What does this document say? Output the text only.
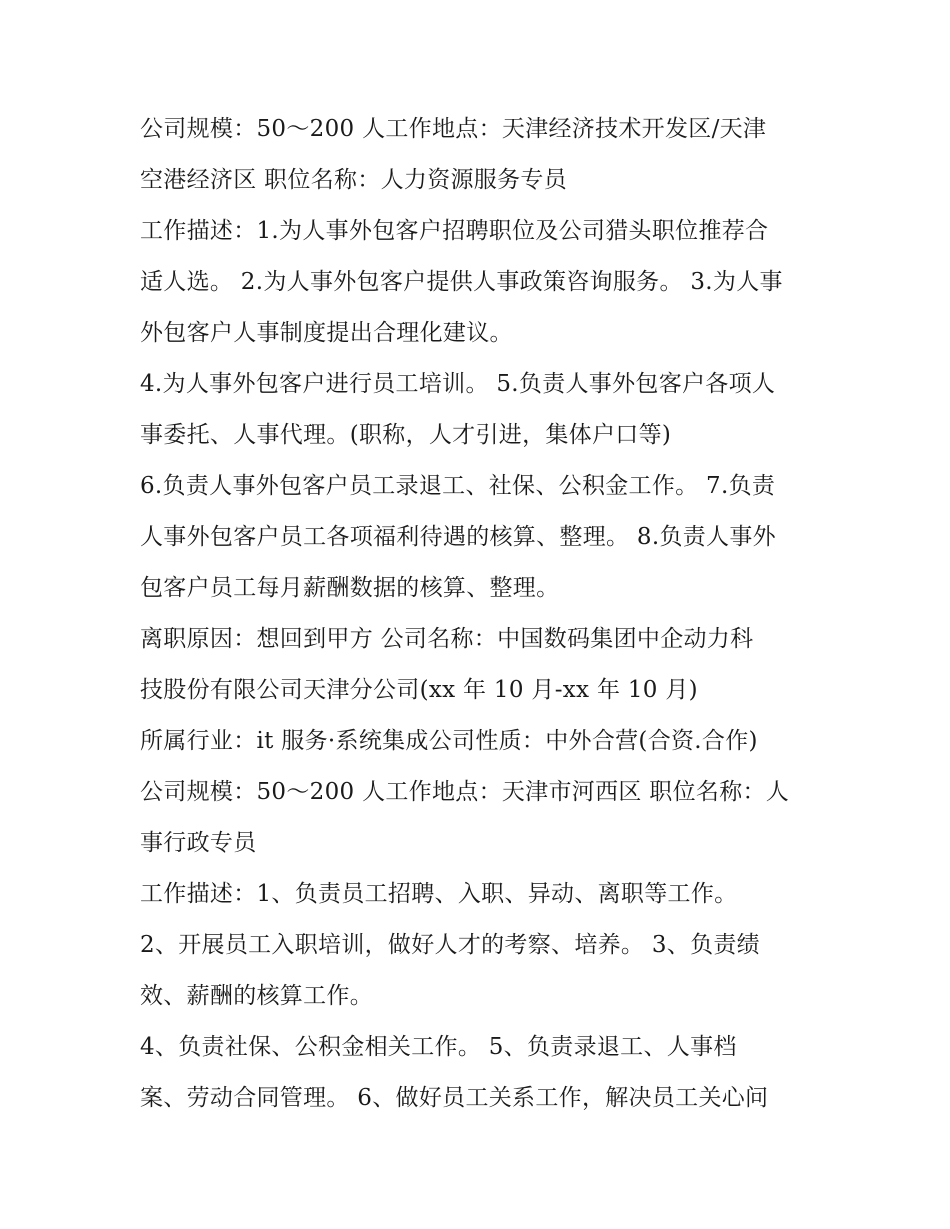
公司规模：50～200 人工作地点：天津经济技术开发区/天津
空港经济区 职位名称：人力资源服务专员
工作描述：1.为人事外包客户招聘职位及公司猎头职位推荐合
适人选。 2.为人事外包客户提供人事政策咨询服务。 3.为人事
外包客户人事制度提出合理化建议。
4.为人事外包客户进行员工培训。 5.负责人事外包客户各项人
事委托、人事代理。(职称，人才引进，集体户口等)
6.负责人事外包客户员工录退工、社保、公积金工作。 7.负责
人事外包客户员工各项福利待遇的核算、整理。 8.负责人事外
包客户员工每月薪酬数据的核算、整理。
离职原因：想回到甲方 公司名称：中国数码集团中企动力科
技股份有限公司天津分公司(xx 年 10 月-xx 年 10 月)
所属行业：it 服务·系统集成公司性质：中外合营(合资.合作)
公司规模：50～200 人工作地点：天津市河西区 职位名称：人
事行政专员
工作描述：1、负责员工招聘、入职、异动、离职等工作。
2、开展员工入职培训，做好人才的考察、培养。 3、负责绩
效、薪酬的核算工作。
4、负责社保、公积金相关工作。 5、负责录退工、人事档
案、劳动合同管理。 6、做好员工关系工作，解决员工关心问
